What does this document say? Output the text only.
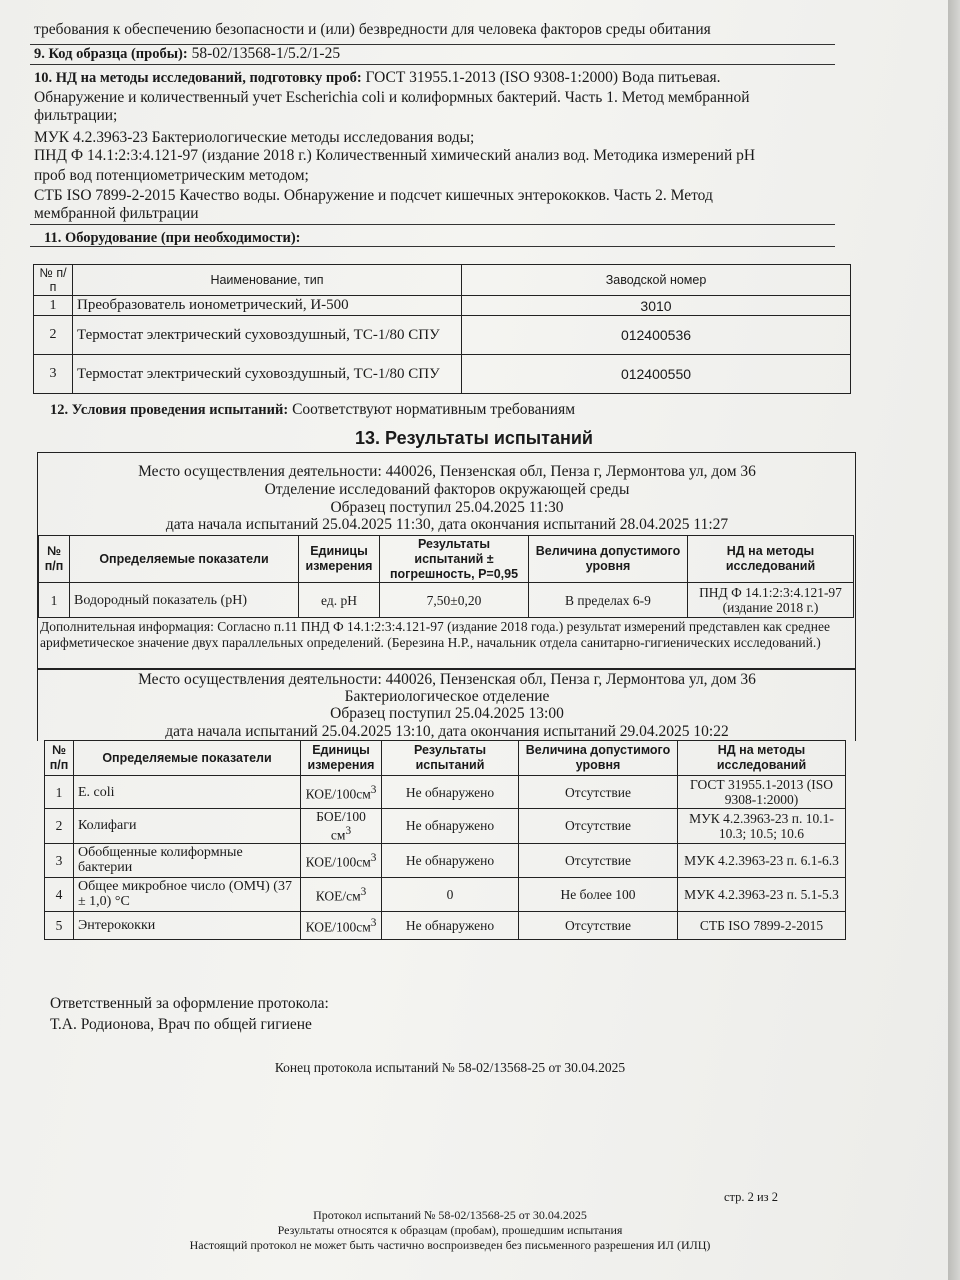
требования к обеспечению безопасности и (или) безвредности для человека факторов среды обитания
9. Код образца (пробы): 58-02/13568-1/5.2/1-25
10. НД на методы исследований, подготовку проб: ГОСТ 31955.1-2013 (ISO 9308-1:2000) Вода питьевая.
Обнаружение и количественный учет Escherichia coli и колиформных бактерий. Часть 1. Метод мембранной
фильтрации;
МУК 4.2.3963-23 Бактериологические методы исследования воды;
ПНД Ф 14.1:2:3:4.121-97 (издание 2018 г.) Количественный химический анализ вод. Методика измерений pH
проб вод потенциометрическим методом;
СТБ ISO 7899-2-2015 Качество воды. Обнаружение и подсчет кишечных энтерококков. Часть 2. Метод
мембранной фильтрации
11. Оборудование (при необходимости):
№ п/п	Наименование, тип	Заводской номер
1	Преобразователь ионометрический, И-500	3010
2	Термостат электрический суховоздушный, ТС-1/80 СПУ	012400536
3	Термостат электрический суховоздушный, ТС-1/80 СПУ	012400550
12. Условия проведения испытаний: Соответствуют нормативным требованиям
13. Результаты испытаний
Место осуществления деятельности: 440026, Пензенская обл, Пенза г, Лермонтова ул, дом 36
Отделение исследований факторов окружающей среды
Образец поступил 25.04.2025 11:30
дата начала испытаний 25.04.2025 11:30, дата окончания испытаний 28.04.2025 11:27
№ п/п	Определяемые показатели	Единицы измерения	Результаты испытаний ± погрешность, P=0,95	Величина допустимого уровня	НД на методы исследований
1	Водородный показатель (pH)	ед. pH	7,50±0,20	В пределах 6-9	ПНД Ф 14.1:2:3:4.121-97 (издание 2018 г.)
Дополнительная информация: Согласно п.11 ПНД Ф 14.1:2:3:4.121-97 (издание 2018 года.) результат измерений представлен как среднее арифметическое значение двух параллельных определений. (Березина Н.Р., начальник отдела санитарно-гигиенических исследований.)
Место осуществления деятельности: 440026, Пензенская обл, Пенза г, Лермонтова ул, дом 36
Бактериологическое отделение
Образец поступил 25.04.2025 13:00
дата начала испытаний 25.04.2025 13:10, дата окончания испытаний 29.04.2025 10:22
№ п/п	Определяемые показатели	Единицы измерения	Результаты испытаний	Величина допустимого уровня	НД на методы исследований
1	E. coli	КОЕ/$100см^3$	Не обнаружено	Отсутствие	ГОСТ 31955.1-2013 (ISO 9308-1:2000)
2	Колифаги	БОЕ/100 $см^3$	Не обнаружено	Отсутствие	МУК 4.2.3963-23 п. 10.1-10.3; 10.5; 10.6
3	Обобщенные колиформные бактерии	КОЕ/$100см^3$	Не обнаружено	Отсутствие	МУК 4.2.3963-23 п. 6.1-6.3
4	Общее микробное число (ОМЧ) (37 ± 1,0) °С	КОЕ/$см^3$	0	Не более 100	МУК 4.2.3963-23 п. 5.1-5.3
5	Энтерококки	КОЕ/$100см^3$	Не обнаружено	Отсутствие	СТБ ISO 7899-2-2015
Ответственный за оформление протокола:
Т.А. Родионова, Врач по общей гигиене
Конец протокола испытаний № 58-02/13568-25 от 30.04.2025
стр. 2 из 2
Протокол испытаний № 58-02/13568-25 от 30.04.2025
Результаты относятся к образцам (пробам), прошедшим испытания
Настоящий протокол не может быть частично воспроизведен без письменного разрешения ИЛ (ИЛЦ)
